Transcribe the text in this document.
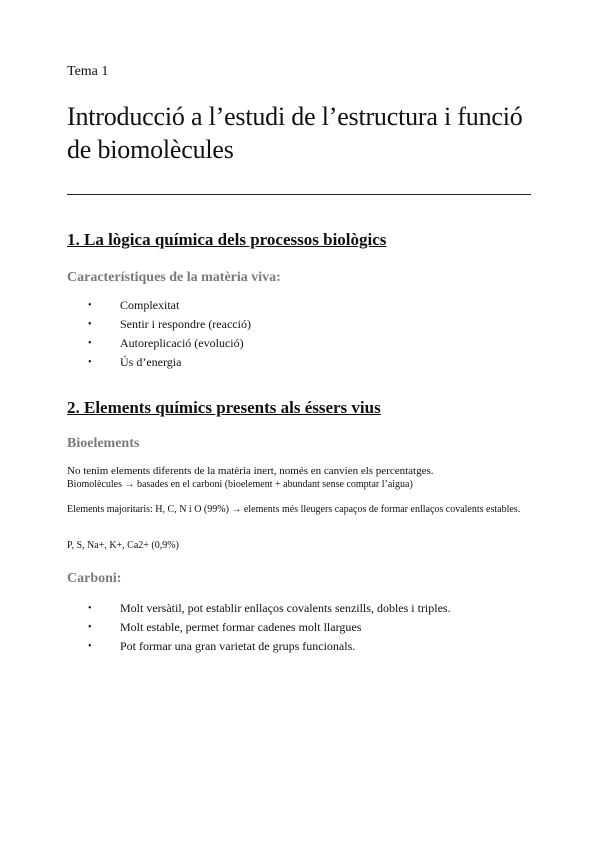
Tema 1

Introducció a l’estudi de l’estructura i funció de biomolècules
1. La lògica química dels processos biològics
Característiques de la matèria viva:
• Complexitat
• Sentir i respondre (reacció)
• Autoreplicació (evolució)
• Ús d’energia
2. Elements químics presents als éssers vius
Bioelements

No tenim elements diferents de la matèria inert, només en canvien els percentatges.
Biomolècules → basades en el carboni (bioelement + abundant sense comptar l’aigua)

Elements majoritaris: H, C, N i O (99%) → elements més lleugers capaços de formar enllaços covalents estables.

P, S, Na+, K+, Ca2+ (0,9%)

Carboni:
• Molt versàtil, pot establir enllaços covalents senzills, dobles i triples.
• Molt estable, permet formar cadenes molt llargues
• Pot formar una gran varietat de grups funcionals.
